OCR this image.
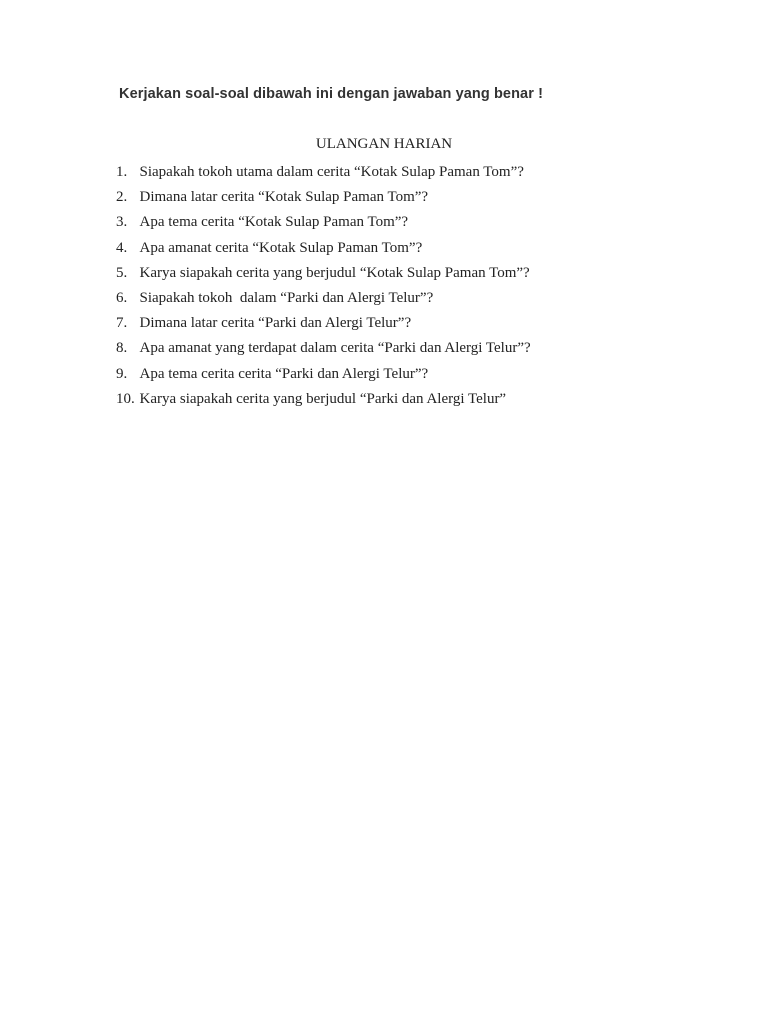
Kerjakan soal-soal dibawah ini dengan jawaban yang benar !
ULANGAN HARIAN
1. Siapakah tokoh utama dalam cerita “Kotak Sulap Paman Tom”?
2. Dimana latar cerita “Kotak Sulap Paman Tom”?
3. Apa tema cerita “Kotak Sulap Paman Tom”?
4. Apa amanat cerita “Kotak Sulap Paman Tom”?
5. Karya siapakah cerita yang berjudul “Kotak Sulap Paman Tom”?
6. Siapakah tokoh  dalam “Parki dan Alergi Telur”?
7. Dimana latar cerita “Parki dan Alergi Telur”?
8. Apa amanat yang terdapat dalam cerita “Parki dan Alergi Telur”?
9. Apa tema cerita cerita “Parki dan Alergi Telur”?
10. Karya siapakah cerita yang berjudul “Parki dan Alergi Telur”
